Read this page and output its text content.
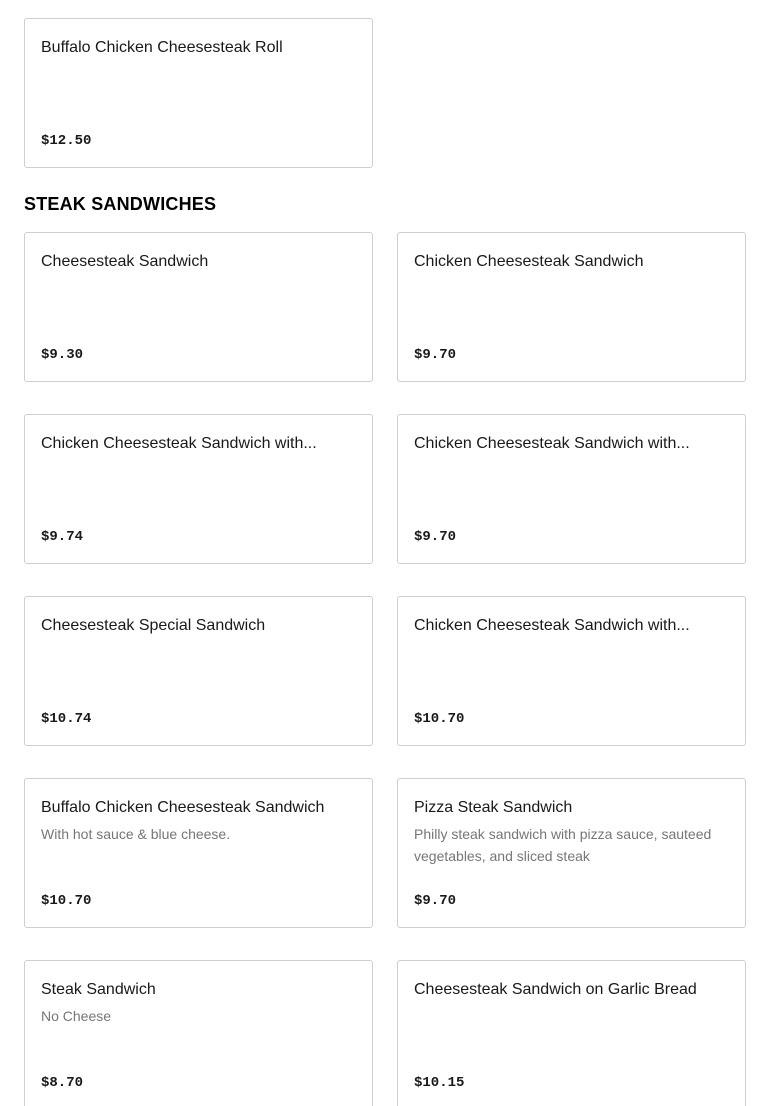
Buffalo Chicken Cheesesteak Roll
$12.50
STEAK SANDWICHES
Cheesesteak Sandwich
$9.30
Chicken Cheesesteak Sandwich
$9.70
Chicken Cheesesteak Sandwich with...
$9.74
Chicken Cheesesteak Sandwich with...
$9.70
Cheesesteak Special Sandwich
$10.74
Chicken Cheesesteak Sandwich with...
$10.70
Buffalo Chicken Cheesesteak Sandwich
With hot sauce & blue cheese.
$10.70
Pizza Steak Sandwich
Philly steak sandwich with pizza sauce, sauteed vegetables, and sliced steak
$9.70
Steak Sandwich
No Cheese
$8.70
Cheesesteak Sandwich on Garlic Bread
$10.15
